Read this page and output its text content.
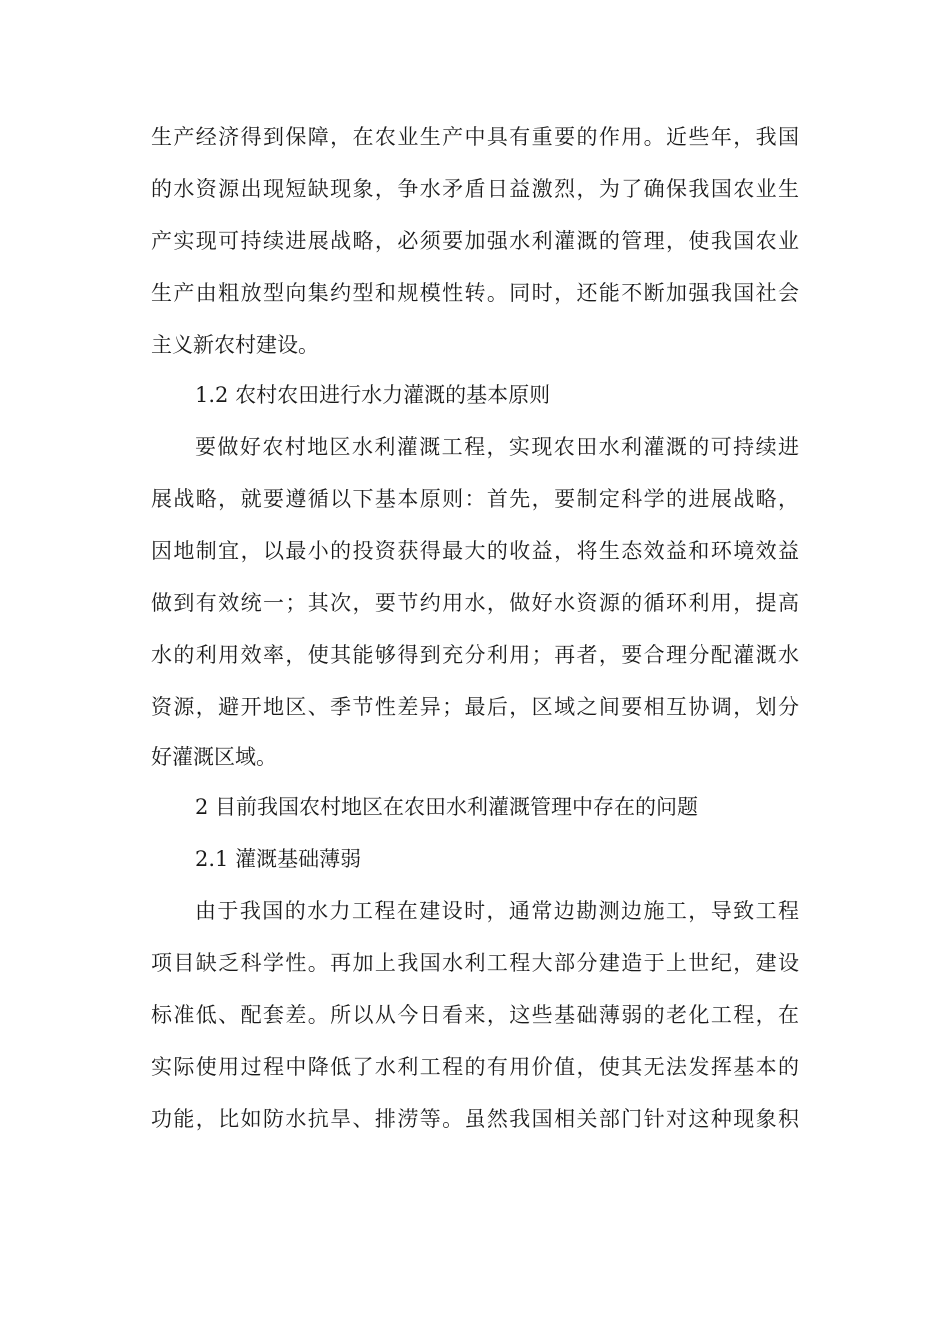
生产经济得到保障，在农业生产中具有重要的作用。近些年，我国
的水资源出现短缺现象，争水矛盾日益激烈，为了确保我国农业生
产实现可持续进展战略，必须要加强水利灌溉的管理，使我国农业
生产由粗放型向集约型和规模性转。同时，还能不断加强我国社会
主义新农村建设。
1.2 农村农田进行水力灌溉的基本原则
要做好农村地区水利灌溉工程，实现农田水利灌溉的可持续进
展战略，就要遵循以下基本原则：首先，要制定科学的进展战略，
因地制宜，以最小的投资获得最大的收益，将生态效益和环境效益
做到有效统一；其次，要节约用水，做好水资源的循环利用，提高
水的利用效率，使其能够得到充分利用；再者，要合理分配灌溉水
资源，避开地区、季节性差异；最后，区域之间要相互协调，划分
好灌溉区域。
2 目前我国农村地区在农田水利灌溉管理中存在的问题
2.1 灌溉基础薄弱
由于我国的水力工程在建设时，通常边勘测边施工，导致工程
项目缺乏科学性。再加上我国水利工程大部分建造于上世纪，建设
标准低、配套差。所以从今日看来，这些基础薄弱的老化工程，在
实际使用过程中降低了水利工程的有用价值，使其无法发挥基本的
功能，比如防水抗旱、排涝等。虽然我国相关部门针对这种现象积
